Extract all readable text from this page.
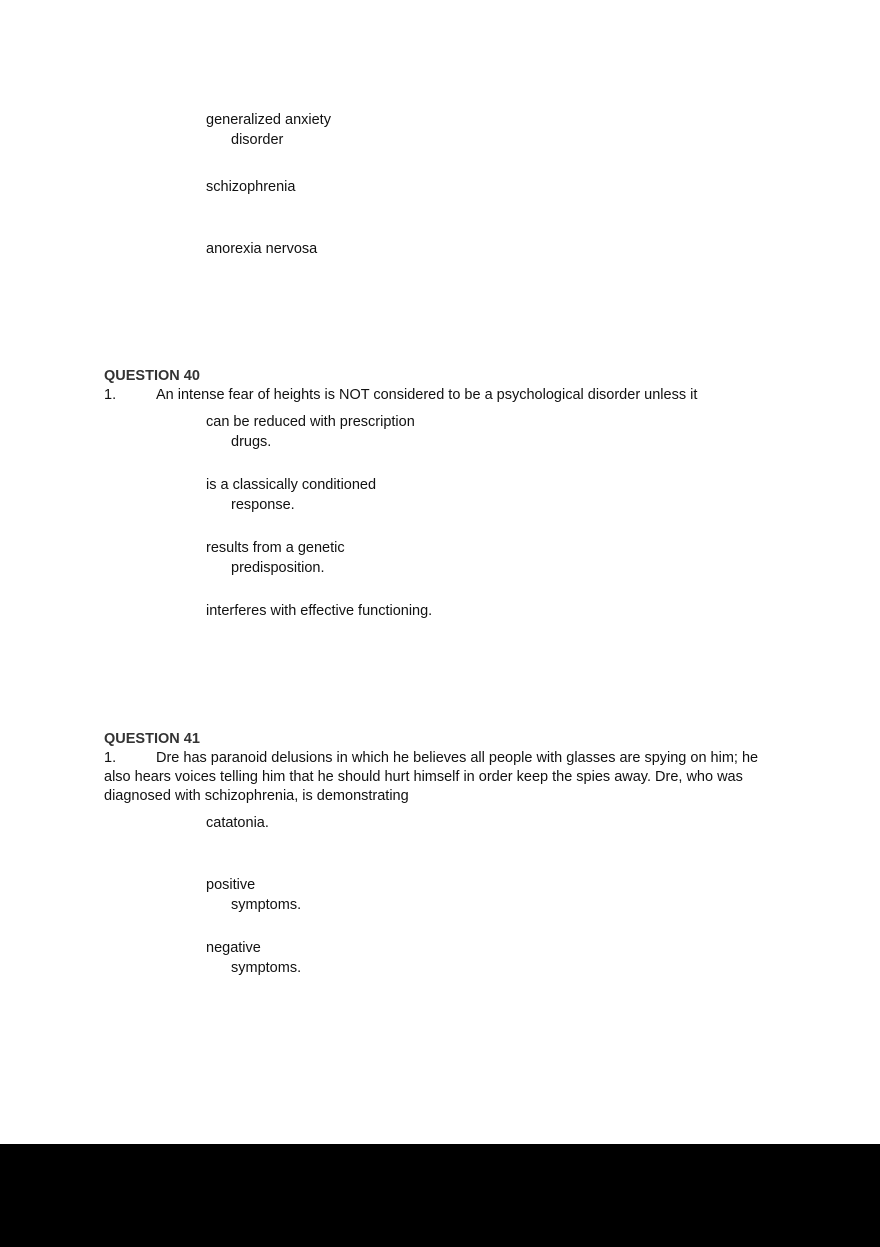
generalized anxiety
disorder
schizophrenia
anorexia nervosa
QUESTION 40
1.	An intense fear of heights is NOT considered to be a psychological disorder unless it
can be reduced with prescription
drugs.
is a classically conditioned
response.
results from a genetic
predisposition.
interferes with effective functioning.
QUESTION 41
1.	Dre has paranoid delusions in which he believes all people with glasses are spying on him; he also hears voices telling him that he should hurt himself in order keep the spies away. Dre, who was diagnosed with schizophrenia, is demonstrating
catatonia.
positive
symptoms.
negative
symptoms.
